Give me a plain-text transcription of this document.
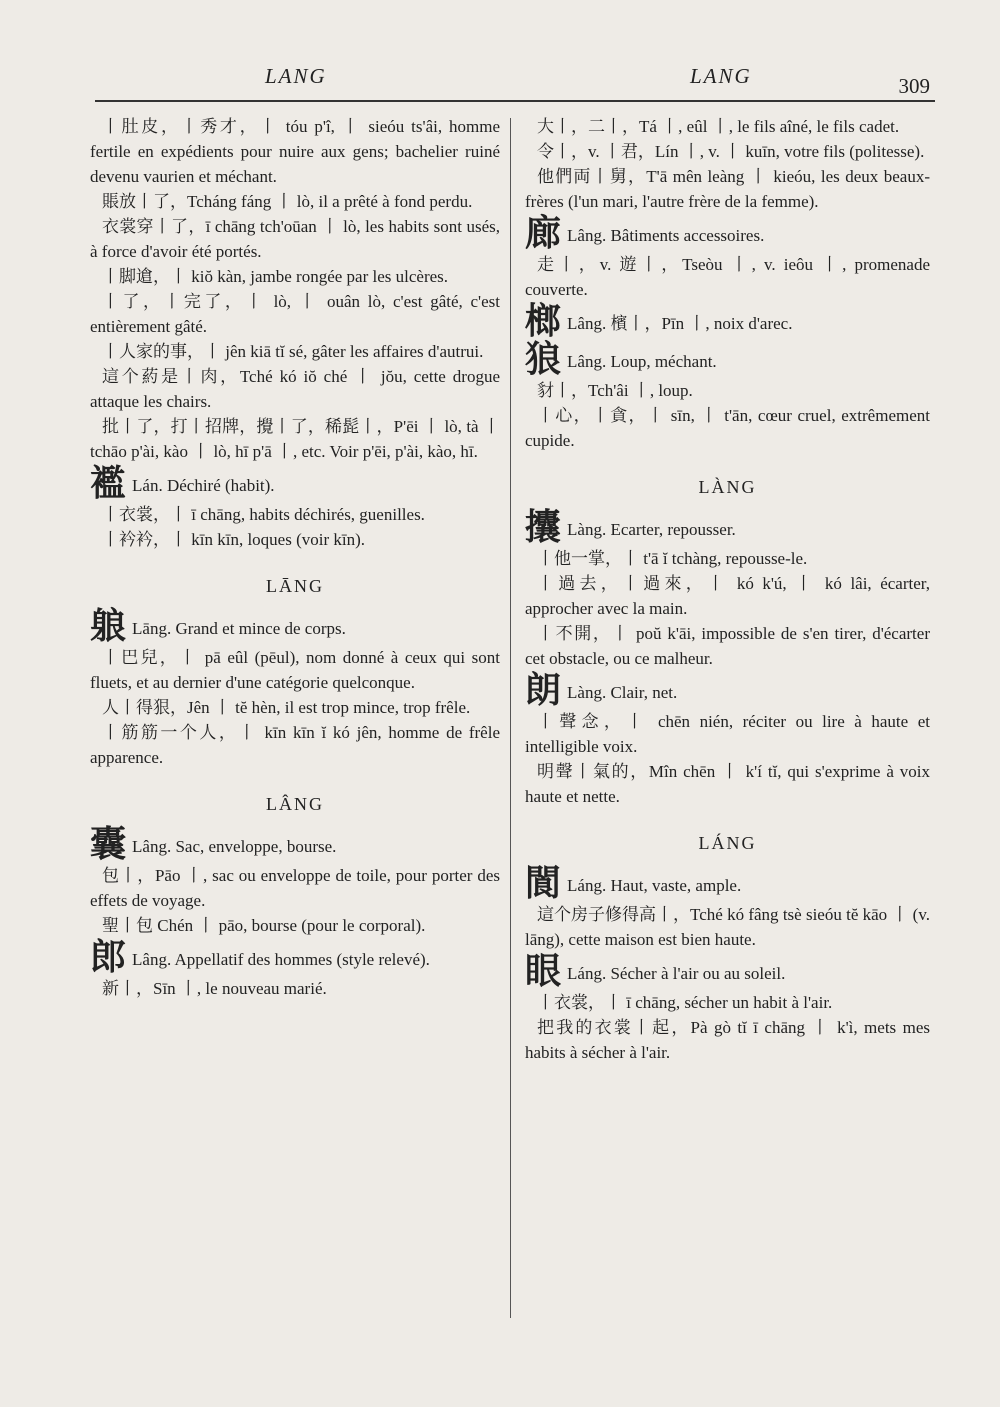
LANG	LANG	309
丨肚皮，丨秀才，丨 tóu p'î, 丨 sieóu ts'âi, homme fertile en expédients pour nuire aux gens; bachelier ruiné devenu vaurien et méchant.
賬放丨了，Tcháng fáng 丨 lò, il a prêté à fond perdu.
衣裳穿丨了，ī chāng tch'oūan 丨 lò, les habits sont usés, à force d'avoir été portés.
丨脚䢢，丨 kiŏ kàn, jambe rongée par les ulcères.
丨了，丨完了，丨 lò, 丨 ouân lò, c'est gâté, c'est entièrement gâté.
丨人家的事，丨 jên kiā tĭ sé, gâter les affaires d'autrui.
這个葯是丨肉，Tché kó iŏ ché 丨 jŏu, cette drogue attaque les chairs.
批丨了，打丨招牌，攪丨了，稀髭丨，P'ēi 丨 lò, tà 丨 tchāo p'ài, kào 丨 lò, hī p'ā 丨, etc. Voir p'ēi, p'ài, kào, hī.
襤 Lán. Déchiré (habit).
丨衣裳，丨 ī chāng, habits déchirés, guenilles.
丨衿衿，丨 kīn kīn, loques (voir kīn).
LĀNG
躴 Lāng. Grand et mince de corps.
丨巴兒，丨 pā eûl (pēul), nom donné à ceux qui sont fluets, et au dernier d'une catégorie quelconque.
人丨得狠，Jên 丨 tĕ hèn, il est trop mince, trop frêle.
丨筋筋一个人，丨 kīn kīn ĭ kó jên, homme de frêle apparence.
LÂNG
囊 Lâng. Sac, enveloppe, bourse.
包丨，Pāo 丨, sac ou enveloppe de toile, pour porter des effets de voyage.
聖丨包 Chén 丨 pāo, bourse (pour le corporal).
郎 Lâng. Appellatif des hommes (style relevé).
新丨，Sīn 丨, le nouveau marié.
大丨，二丨，Tá 丨, eûl 丨, le fils aîné, le fils cadet.
令丨，v. 丨君，Lín 丨, v. 丨 kuīn, votre fils (politesse).
他們両丨舅，T'ā mên leàng 丨 kieóu, les deux beaux-frères (l'un mari, l'autre frère de la femme).
廊 Lâng. Bâtiments accessoires.
走丨，v. 遊丨，Tseòu 丨, v. ieôu 丨, promenade couverte.
榔 Lâng. 檳丨，Pīn 丨, noix d'arec.
狼 Lâng. Loup, méchant.
豺丨，Tch'âi 丨, loup.
丨心，丨貪，丨 sīn, 丨 t'ān, cœur cruel, extrêmement cupide.
LÀNG
攮 Làng. Ecarter, repousser.
丨他一掌，丨 t'ā ĭ tchàng, repousse-le.
丨過去，丨過來，丨 kó k'ú, 丨 kó lâi, écarter, approcher avec la main.
丨不開，丨 poŭ k'āi, impossible de s'en tirer, d'écarter cet obstacle, ou ce malheur.
朗 Làng. Clair, net.
丨聲念，丨 chēn nién, réciter ou lire à haute et intelligible voix.
明聲丨氣的，Mîn chēn 丨 k'í tĭ, qui s'exprime à voix haute et nette.
LÁNG
閬 Láng. Haut, vaste, ample.
這个房子修得高丨，Tché kó fâng tsè sieóu tĕ kāo 丨 (v. lāng), cette maison est bien haute.
眼 Láng. Sécher à l'air ou au soleil.
丨衣裳，丨 ī chāng, sécher un habit à l'air.
把我的衣裳丨起，Pà gò tĭ ī chāng 丨 k'ì, mets mes habits à sécher à l'air.
